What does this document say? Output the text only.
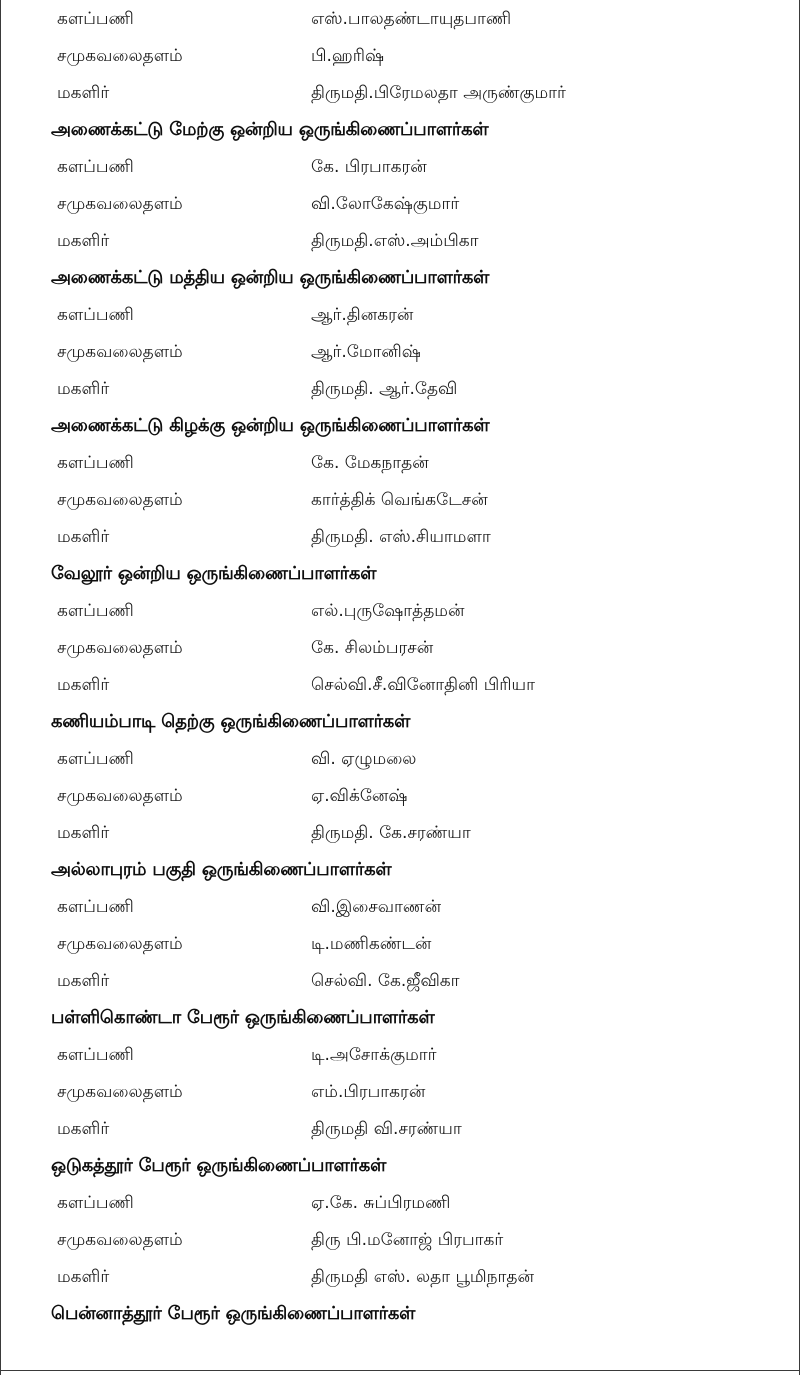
களப்பணி	எஸ்.பாலதண்டாயுதபாணி
சமுகவலைதளம்	பி.ஹரிஷ்
மகளிர்	திருமதி.பிரேமலதா அருண்குமார்
அணைக்கட்டு மேற்கு ஒன்றிய ஒருங்கிணைப்பாளர்கள்
களப்பணி	கே. பிரபாகரன்
சமுகவலைதளம்	வி.லோகேஷ்குமார்
மகளிர்	திருமதி.எஸ்.அம்பிகா
அணைக்கட்டு மத்திய ஒன்றிய ஒருங்கிணைப்பாளர்கள்
களப்பணி	ஆர்.தினகரன்
சமுகவலைதளம்	ஆர்.மோனிஷ்
மகளிர்	திருமதி. ஆர்.தேவி
அணைக்கட்டு கிழக்கு ஒன்றிய ஒருங்கிணைப்பாளர்கள்
களப்பணி	கே. மேகநாதன்
சமுகவலைதளம்	கார்த்திக் வெங்கடேசன்
மகளிர்	திருமதி. எஸ்.சியாமளா
வேலூர் ஒன்றிய ஒருங்கிணைப்பாளர்கள்
களப்பணி	எல்.புருஷோத்தமன்
சமுகவலைதளம்	கே. சிலம்பரசன்
மகளிர்	செல்வி.சீ.வினோதினி பிரியா
கணியம்பாடி தெற்கு ஒருங்கிணைப்பாளர்கள்
களப்பணி	வி. ஏழுமலை
சமுகவலைதளம்	ஏ.விக்னேஷ்
மகளிர்	திருமதி. கே.சரண்யா
அல்லாபுரம் பகுதி ஒருங்கிணைப்பாளர்கள்
களப்பணி	வி.இசைவாணன்
சமுகவலைதளம்	டி.மணிகண்டன்
மகளிர்	செல்வி. கே.ஜீவிகா
பள்ளிகொண்டா பேரூர் ஒருங்கிணைப்பாளர்கள்
களப்பணி	டி.அசோக்குமார்
சமுகவலைதளம்	எம்.பிரபாகரன்
மகளிர்	திருமதி வி.சரண்யா
ஒடுகத்தூர் பேரூர் ஒருங்கிணைப்பாளர்கள்
களப்பணி	ஏ.கே. சுப்பிரமணி
சமுகவலைதளம்	திரு பி.மனோஜ் பிரபாகர்
மகளிர்	திருமதி எஸ். லதா பூமிநாதன்
பென்னாத்தூர் பேரூர் ஒருங்கிணைப்பாளர்கள்
